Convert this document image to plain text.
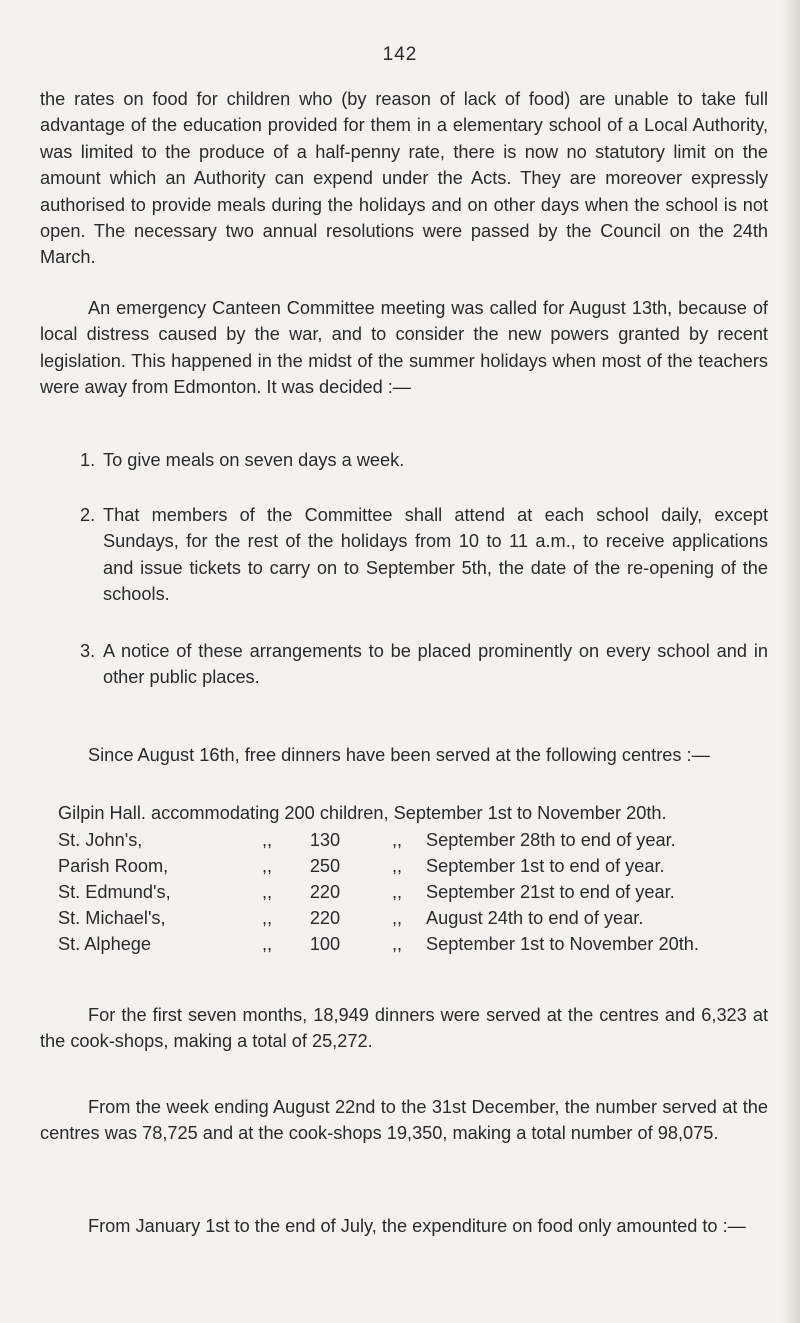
142

the rates on food for children who (by reason of lack of food) are unable to take full advantage of the education provided for them in a elementary school of a Local Authority, was limited to the produce of a half-penny rate, there is now no statutory limit on the amount which an Authority can expend under the Acts. They are moreover expressly authorised to provide meals during the holidays and on other days when the school is not open. The necessary two annual resolutions were passed by the Council on the 24th March.

An emergency Canteen Committee meeting was called for August 13th, because of local distress caused by the war, and to consider the new powers granted by recent legislation. This happened in the midst of the summer holidays when most of the teachers were away from Edmonton. It was decided :—

1. To give meals on seven days a week.

2. That members of the Committee shall attend at each school daily, except Sundays, for the rest of the holidays from 10 to 11 a.m., to receive applications and issue tickets to carry on to September 5th, the date of the re-opening of the schools.

3. A notice of these arrangements to be placed prominently on every school and in other public places.

Since August 16th, free dinners have been served at the following centres :—

Gilpin Hall. accommodating 200 children, September 1st to November 20th.
St. John's,	,,	130	,, September 28th to end of year.
Parish Room,	,,	250	,, September 1st to end of year.
St. Edmund's,	,,	220	,, September 21st to end of year.
St. Michael's,	,,	220	,, August 24th to end of year.
St. Alphege	,,	100	,, September 1st to November 20th.

For the first seven months, 18,949 dinners were served at the centres and 6,323 at the cook-shops, making a total of 25,272.

From the week ending August 22nd to the 31st December, the number served at the centres was 78,725 and at the cook-shops 19,350, making a total number of 98,075.

From January 1st to the end of July, the expenditure on food only amounted to :—
